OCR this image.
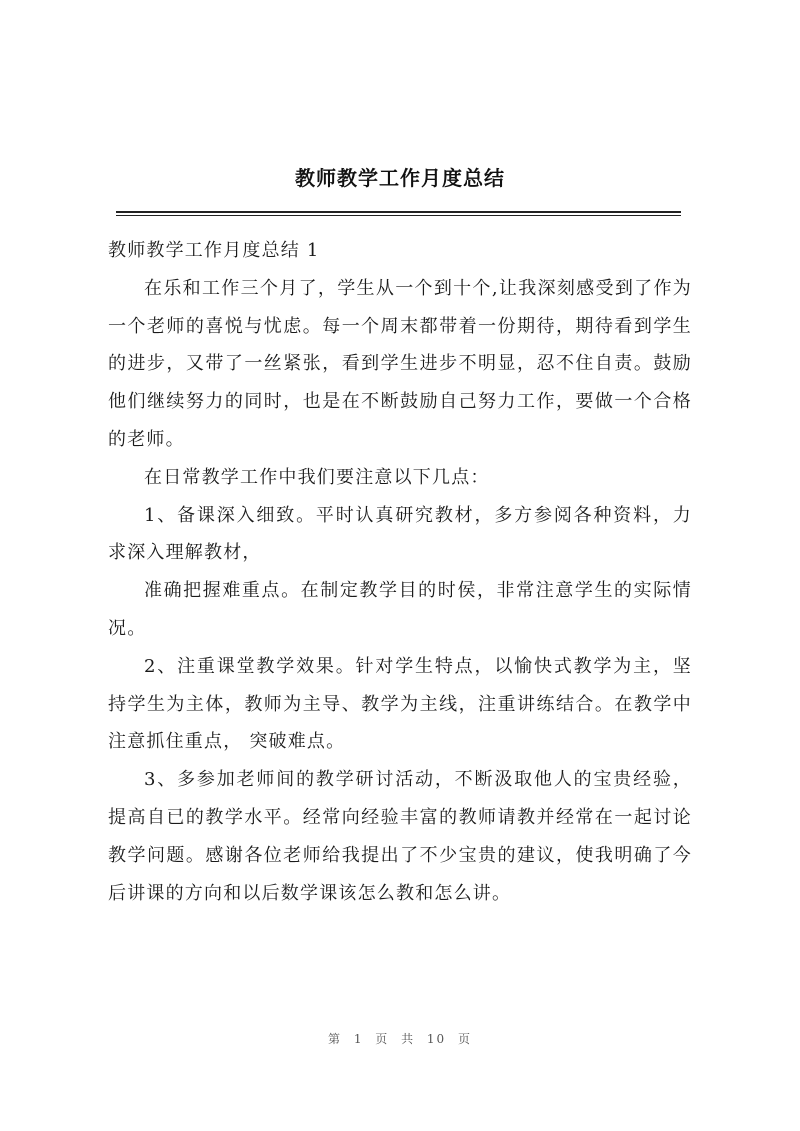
教师教学工作月度总结

教师教学工作月度总结 1

在乐和工作三个月了，学生从一个到十个,让我深刻感受到了作为一个老师的喜悦与忧虑。每一个周末都带着一份期待，期待看到学生的进步，又带了一丝紧张，看到学生进步不明显，忍不住自责。鼓励他们继续努力的同时，也是在不断鼓励自己努力工作，要做一个合格的老师。

在日常教学工作中我们要注意以下几点：

1、备课深入细致。平时认真研究教材，多方参阅各种资料，力求深入理解教材，

准确把握难重点。在制定教学目的时侯，非常注意学生的实际情况。

2、注重课堂教学效果。针对学生特点，以愉快式教学为主，坚持学生为主体，教师为主导、教学为主线，注重讲练结合。在教学中注意抓住重点， 突破难点。

3、多参加老师间的教学研讨活动，不断汲取他人的宝贵经验，提高自已的教学水平。经常向经验丰富的教师请教并经常在一起讨论教学问题。感谢各位老师给我提出了不少宝贵的建议，使我明确了今后讲课的方向和以后数学课该怎么教和怎么讲。

第 1 页 共 10 页
